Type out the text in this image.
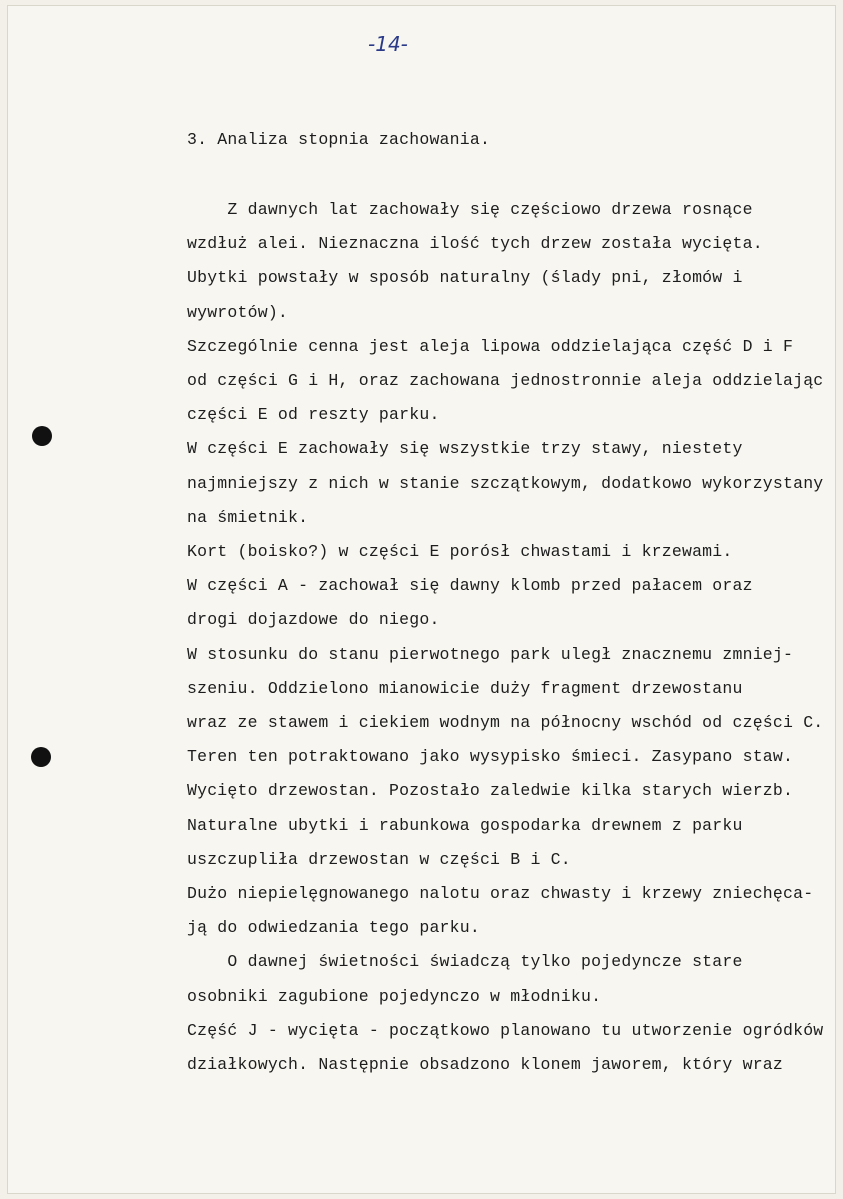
-14-
3. Analiza stopnia zachowania.
Z dawnych lat zachowały się częściowo drzewa rosnące
wzdłuż alei. Nieznaczna ilość tych drzew została wycięta.
Ubytki powstały w sposób naturalny (ślady pni, złomów i
wywrotów).
Szczególnie cenna jest aleja lipowa oddzielająca część D i F
od części G i H, oraz zachowana jednostronnie aleja oddzielając
części E od reszty parku.
W części E zachowały się wszystkie trzy stawy, niestety
najmniejszy z nich w stanie szczątkowym, dodatkowo wykorzystany
na śmietnik.
Kort (boisko?) w części E porósł chwastami i krzewami.
W części A - zachował się dawny klomb przed pałacem oraz
drogi dojazdowe do niego.
W stosunku do stanu pierwotnego park uległ znacznemu zmniej-
szeniu. Oddzielono mianowicie duży fragment drzewostanu
wraz ze stawem i ciekiem wodnym na północny wschód od części C.
Teren ten potraktowano jako wysypisko śmieci. Zasypano staw.
Wycięto drzewostan. Pozostało zaledwie kilka starych wierzb.
Naturalne ubytki i rabunkowa gospodarka drewnem z parku
uszczupliła drzewostan w części B i C.
Dużo niepielęgnowanego nalotu oraz chwasty i krzewy zniechęca-
ją do odwiedzania tego parku.
O dawnej świetności świadczą tylko pojedyncze stare
osobniki zagubione pojedynczo w młodniku.
Część J - wycięta - początkowo planowano tu utworzenie ogródków
działkowych. Następnie obsadzono klonem jaworem, który wraz
